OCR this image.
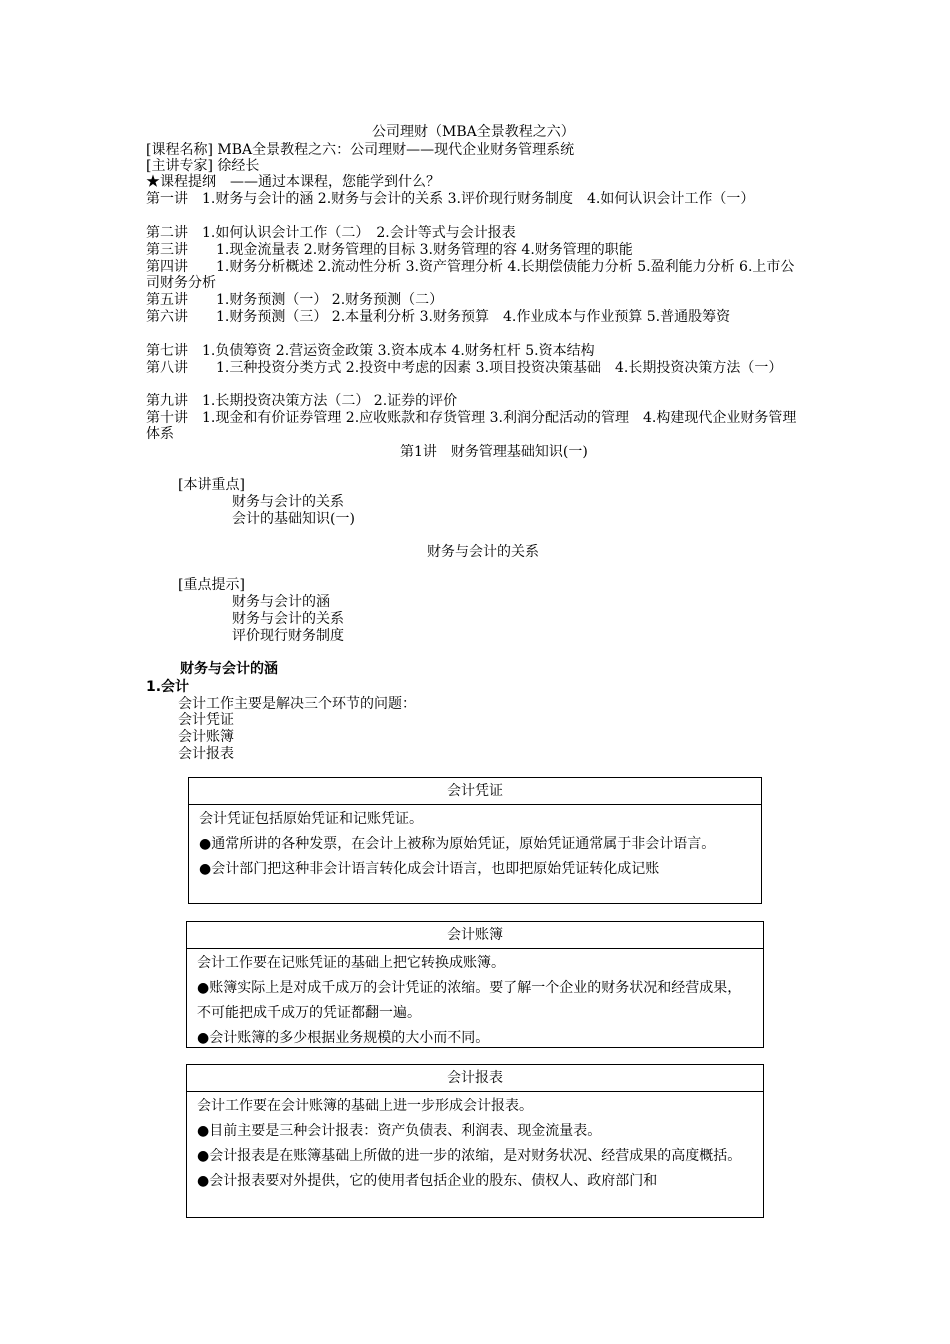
公司理财（MBA全景教程之六）
[课程名称] MBA全景教程之六：公司理财——现代企业财务管理系统
[主讲专家] 徐经长
★课程提纲　——通过本课程，您能学到什么？
第一讲　1.财务与会计的涵 2.财务与会计的关系 3.评价现行财务制度　4.如何认识会计工作（一）
第二讲　1.如何认识会计工作（二）　2.会计等式与会计报表
第三讲　　1.现金流量表 2.财务管理的目标 3.财务管理的容 4.财务管理的职能
第四讲　　1.财务分析概述 2.流动性分析 3.资产管理分析 4.长期偿债能力分析 5.盈利能力分析 6.上市公司财务分析
第五讲　　1.财务预测（一） 2.财务预测（二）
第六讲　　1.财务预测（三） 2.本量利分析 3.财务预算　4.作业成本与作业预算 5.普通股筹资
第七讲　1.负债筹资 2.营运资金政策 3.资本成本 4.财务杠杆 5.资本结构
第八讲　　1.三种投资分类方式 2.投资中考虑的因素 3.项目投资决策基础　4.长期投资决策方法（一）
第九讲　1.长期投资决策方法（二） 2.证券的评价
第十讲　1.现金和有价证券管理 2.应收账款和存货管理 3.利润分配活动的管理　4.构建现代企业财务管理体系
第1讲　财务管理基础知识(一)
[本讲重点]
财务与会计的关系
会计的基础知识(一)
财务与会计的关系
[重点提示]
财务与会计的涵
财务与会计的关系
评价现行财务制度
财务与会计的涵
1.会计
会计工作主要是解决三个环节的问题：
会计凭证
会计账簿
会计报表
会计凭证

会计凭证包括原始凭证和记账凭证。

●通常所讲的各种发票，在会计上被称为原始凭证，原始凭证通常属于非会计语言。

●会计部门把这种非会计语言转化成会计语言，也即把原始凭证转化成记账

会计账簿

会计工作要在记账凭证的基础上把它转换成账簿。

●账簿实际上是对成千成万的会计凭证的浓缩。要了解一个企业的财务状况和经营成果，不可能把成千成万的凭证都翻一遍。

●会计账簿的多少根据业务规模的大小而不同。

会计报表

会计工作要在会计账簿的基础上进一步形成会计报表。

●目前主要是三种会计报表：资产负债表、利润表、现金流量表。

●会计报表是在账簿基础上所做的进一步的浓缩，是对财务状况、经营成果的高度概括。

●会计报表要对外提供，它的使用者包括企业的股东、债权人、政府部门和
